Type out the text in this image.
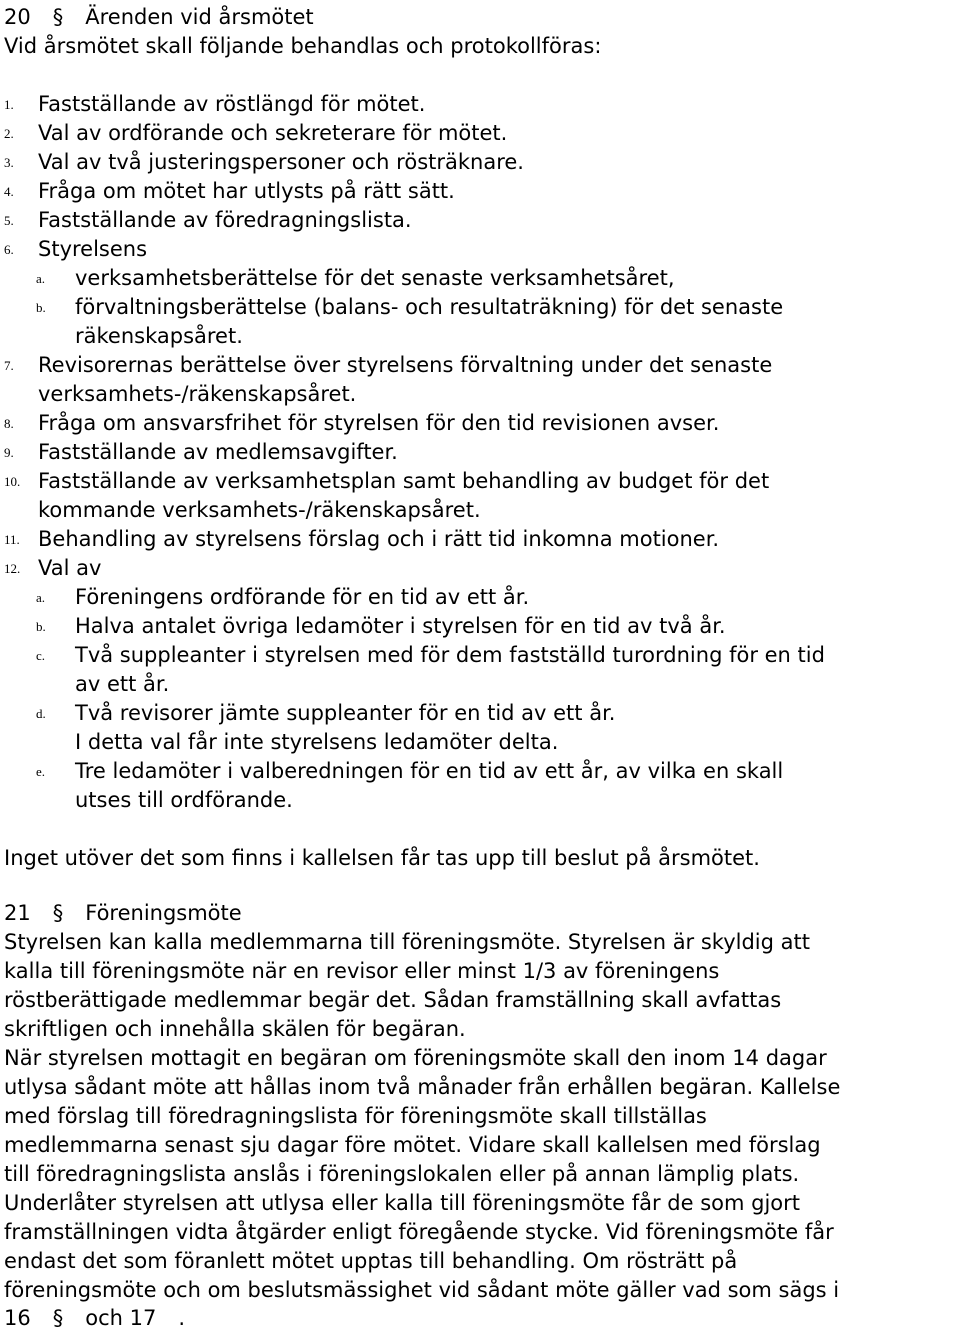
20 § Ärenden vid årsmötet
Vid årsmötet skall följande behandlas och protokollföras:
1. Fastställande av röstlängd för mötet.
2. Val av ordförande och sekreterare för mötet.
3. Val av två justeringspersoner och rösträknare.
4. Fråga om mötet har utlysts på rätt sätt.
5. Fastställande av föredragningslista.
6. Styrelsens
a. verksamhetsberättelse för det senaste verksamhetsåret,
b. förvaltningsberättelse (balans- och resultaträkning) för det senaste
räkenskapsåret.
7. Revisorernas berättelse över styrelsens förvaltning under det senaste
verksamhets-/räkenskapsåret.
8. Fråga om ansvarsfrihet för styrelsen för den tid revisionen avser.
9. Fastställande av medlemsavgifter.
10. Fastställande av verksamhetsplan samt behandling av budget för det
kommande verksamhets-/räkenskapsåret.
11. Behandling av styrelsens förslag och i rätt tid inkomna motioner.
12. Val av
a. Föreningens ordförande för en tid av ett år.
b. Halva antalet övriga ledamöter i styrelsen för en tid av två år.
c. Två suppleanter i styrelsen med för dem fastställd turordning för en tid
av ett år.
d. Två revisorer jämte suppleanter för en tid av ett år.
I detta val får inte styrelsens ledamöter delta.
e. Tre ledamöter i valberedningen för en tid av ett år, av vilka en skall
utses till ordförande.
Inget utöver det som finns i kallelsen får tas upp till beslut på årsmötet.
21 § Föreningsmöte
Styrelsen kan kalla medlemmarna till föreningsmöte. Styrelsen är skyldig att
kalla till föreningsmöte när en revisor eller minst 1/3 av föreningens
röstberättigade medlemmar begär det. Sådan framställning skall avfattas
skriftligen och innehålla skälen för begäran.
När styrelsen mottagit en begäran om föreningsmöte skall den inom 14 dagar
utlysa sådant möte att hållas inom två månader från erhållen begäran. Kallelse
med förslag till föredragningslista för föreningsmöte skall tillställas
medlemmarna senast sju dagar före mötet. Vidare skall kallelsen med förslag
till föredragningslista anslås i föreningslokalen eller på annan lämplig plats.
Underlåter styrelsen att utlysa eller kalla till föreningsmöte får de som gjort
framställningen vidta åtgärder enligt föregående stycke. Vid föreningsmöte får
endast det som föranlett mötet upptas till behandling. Om rösträtt på
föreningsmöte och om beslutsmässighet vid sådant möte gäller vad som sägs i
16 § och 17 .
